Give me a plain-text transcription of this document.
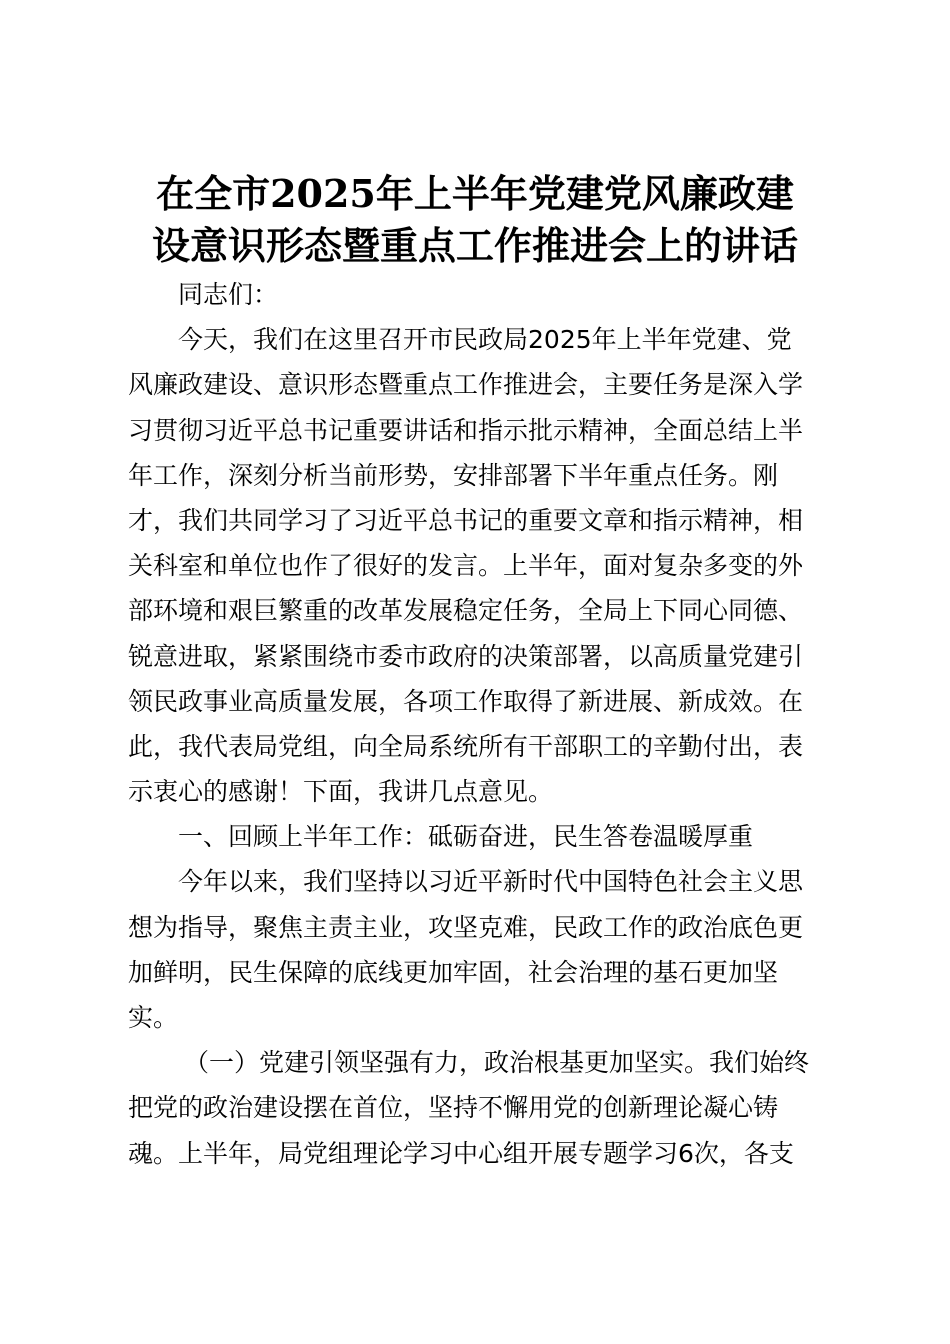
在全市2025年上半年党建党风廉政建
设意识形态暨重点工作推进会上的讲话
同志们：
今天，我们在这里召开市民政局2025年上半年党建、党
风廉政建设、意识形态暨重点工作推进会，主要任务是深入学
习贯彻习近平总书记重要讲话和指示批示精神，全面总结上半
年工作，深刻分析当前形势，安排部署下半年重点任务。刚
才，我们共同学习了习近平总书记的重要文章和指示精神，相
关科室和单位也作了很好的发言。上半年，面对复杂多变的外
部环境和艰巨繁重的改革发展稳定任务，全局上下同心同德、
锐意进取，紧紧围绕市委市政府的决策部署，以高质量党建引
领民政事业高质量发展，各项工作取得了新进展、新成效。在
此，我代表局党组，向全局系统所有干部职工的辛勤付出，表
示衷心的感谢！下面，我讲几点意见。
一、回顾上半年工作：砥砺奋进，民生答卷温暖厚重
今年以来，我们坚持以习近平新时代中国特色社会主义思
想为指导，聚焦主责主业，攻坚克难，民政工作的政治底色更
加鲜明，民生保障的底线更加牢固，社会治理的基石更加坚
实。
（一）党建引领坚强有力，政治根基更加坚实。我们始终
把党的政治建设摆在首位，坚持不懈用党的创新理论凝心铸
魂。上半年，局党组理论学习中心组开展专题学习6次，各支
